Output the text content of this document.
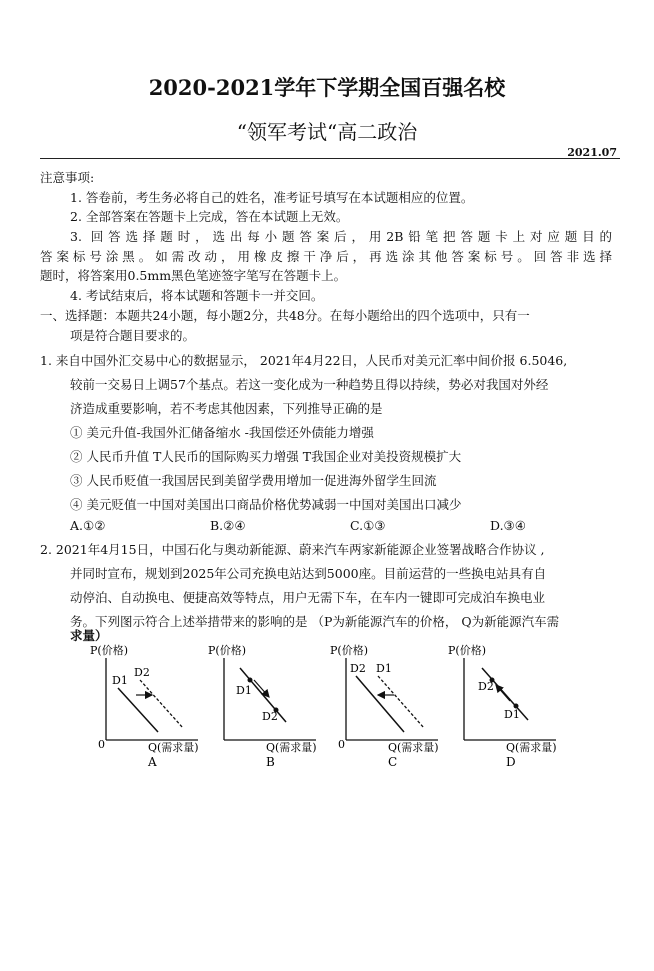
2020-2021学年下学期全国百强名校
“领军考试“高二政治
2021.07
注意事项:
1. 答卷前，考生务必将自己的姓名，准考证号填写在本试题相应的位置。
2. 全部答案在答题卡上完成，答在本试题上无效。
3. 回答选择题时，选出每小题答案后，用2B铅笔把答题卡上对应题目的
答案标号涂黑。如需改动，用橡皮擦干净后，再选涂其他答案标号。回答非选择
题时，将答案用0.5mm黑色笔迹签字笔写在答题卡上。
4. 考试结束后，将本试题和答题卡一并交回。
一、选择题：本题共24小题，每小题2分，共48分。在每小题给出的四个选项中，只有一
项是符合题目要求的。
1. 来自中国外汇交易中心的数据显示， 2021年4月22日，人民币对美元汇率中间价报 6.5046,
较前一交易日上调57个基点。若这一变化成为一种趋势且得以持续，势必对我国对外经
济造成重要影响，若不考虑其他因素，下列推导正确的是
① 美元升值-我国外汇储备缩水 -我国偿还外债能力增强
② 人民币升值 T人民币的国际购买力增强 T我国企业对美投资规模扩大
③ 人民币贬值一我国居民到美留学费用增加一促进海外留学生回流
④ 美元贬值一中国对美国出口商品价格优势减弱一中国对美国出口减少
A.①②	B.②④	C.①③	D.③④
2. 2021年4月15日，中国石化与奥动新能源、蔚来汽车两家新能源企业签署战略合作协议 ,
并同时宣布，规划到2025年公司充换电站达到5000座。目前运营的一些换电站具有自
动停泊、自动换电、便捷高效等特点，用户无需下车，在车内一键即可完成泊车换电业
务。下列图示符合上述举措带来的影响的是 （P为新能源汽车的价格， Q为新能源汽车需
求量）
P(价格)
Q(需求量)
0
D1
D2
A
P(价格)
Q(需求量)
D1
D2
B
P(价格)
Q(需求量)
0
D2 D1
C
P(价格)
Q(需求量)
D2
D1
D
